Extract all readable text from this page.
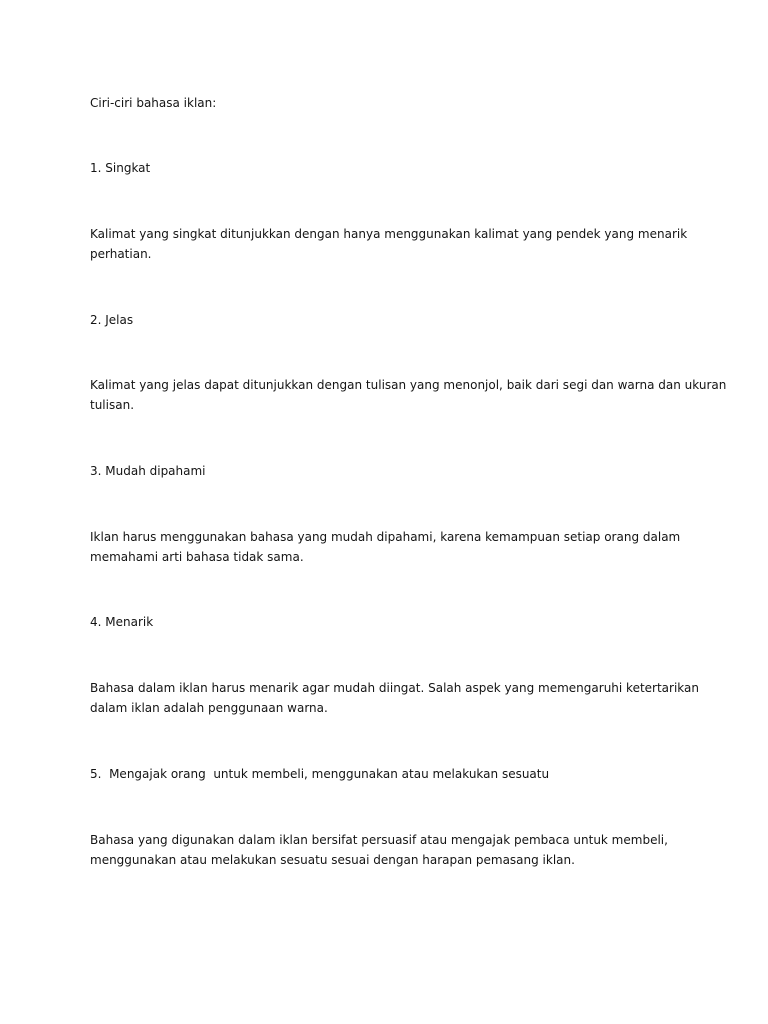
Ciri-ciri bahasa iklan:

1. Singkat

Kalimat yang singkat ditunjukkan dengan hanya menggunakan kalimat yang pendek yang menarik
perhatian.

2. Jelas

Kalimat yang jelas dapat ditunjukkan dengan tulisan yang menonjol, baik dari segi dan warna dan ukuran
tulisan.

3. Mudah dipahami

Iklan harus menggunakan bahasa yang mudah dipahami, karena kemampuan setiap orang dalam
memahami arti bahasa tidak sama.

4. Menarik

Bahasa dalam iklan harus menarik agar mudah diingat. Salah aspek yang memengaruhi ketertarikan
dalam iklan adalah penggunaan warna.

5.  Mengajak orang  untuk membeli, menggunakan atau melakukan sesuatu

Bahasa yang digunakan dalam iklan bersifat persuasif atau mengajak pembaca untuk membeli,
menggunakan atau melakukan sesuatu sesuai dengan harapan pemasang iklan.
